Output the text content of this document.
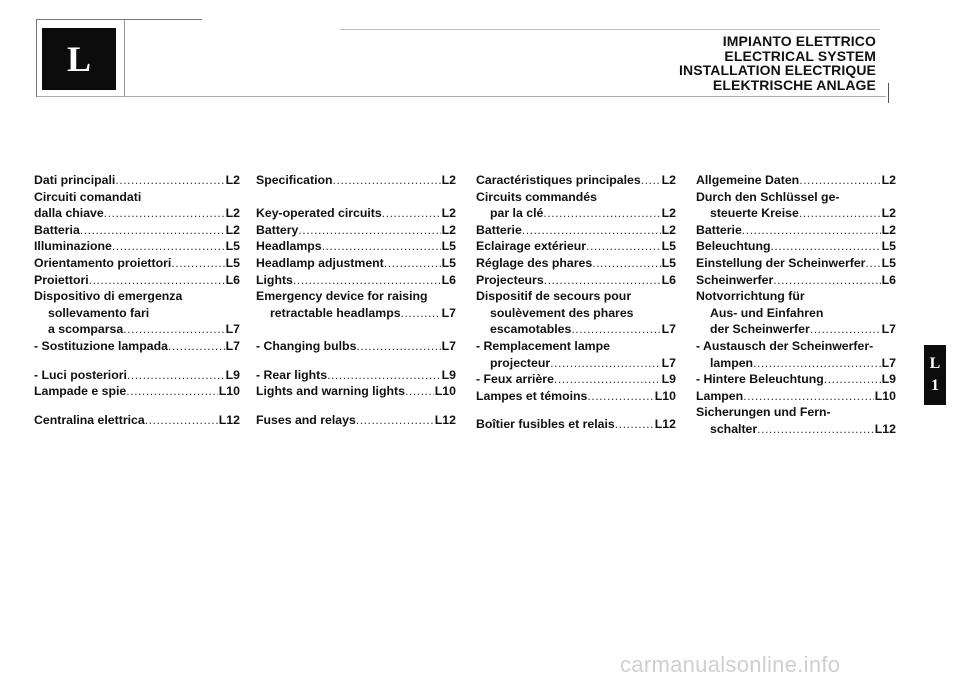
L	IMPIANTO ELETTRICO
ELECTRICAL SYSTEM
INSTALLATION ELECTRIQUE
ELEKTRISCHE ANLAGE
Dati principali .....	L2
Circuiti comandati
dalla chiave .....	L2
Batteria .....	L2
Illuminazione .....	L5
Orientamento proiettori .....	L5
Proiettori .....	L6
Dispositivo di emergenza
sollevamento fari
a scomparsa .....	L7
- Sostituzione lampada .....	L7
- Luci posteriori .....	L9
Lampade e spie .....	L10
Centralina elettrica .....	L12
Specification .....	L2
Key-operated circuits .....	L2
Battery .....	L2
Headlamps .....	L5
Headlamp adjustment .....	L5
Lights .....	L6
Emergency device for raising
retractable headlamps .....	L7
- Changing bulbs .....	L7
- Rear lights .....	L9
Lights and warning lights ..... L10
Fuses and relays .....	L12
Caractéristiques principales ..... L2
Circuits commandés
par la clé .....	L2
Batterie .....	L2
Eclairage extérieur .....	L5
Réglage des phares .....	L5
Projecteurs .....	L6
Dispositif de secours pour
soulèvement des phares
escamotables .....	L7
- Remplacement lampe
projecteur .....	L7
- Feux arrière .....	L9
Lampes et témoins .....	L10
Boîtier fusibles et relais .....	L12
Allgemeine Daten .....	L2
Durch den Schlüssel ge-
steuerte Kreise .....	L2
Batterie .....	L2
Beleuchtung .....	L5
Einstellung der Scheinwerfer ..... L5
Scheinwerfer .....	L6
Notvorrichtung für
Aus- und Einfahren
der Scheinwerfer .....	L7
- Austausch der Scheinwerfer-
lampen .....	L7
- Hintere Beleuchtung .....	L9
Lampen .....	L10
Sicherungen und Fern-
schalter .....	L12
L
1
carmanualsonline.info
